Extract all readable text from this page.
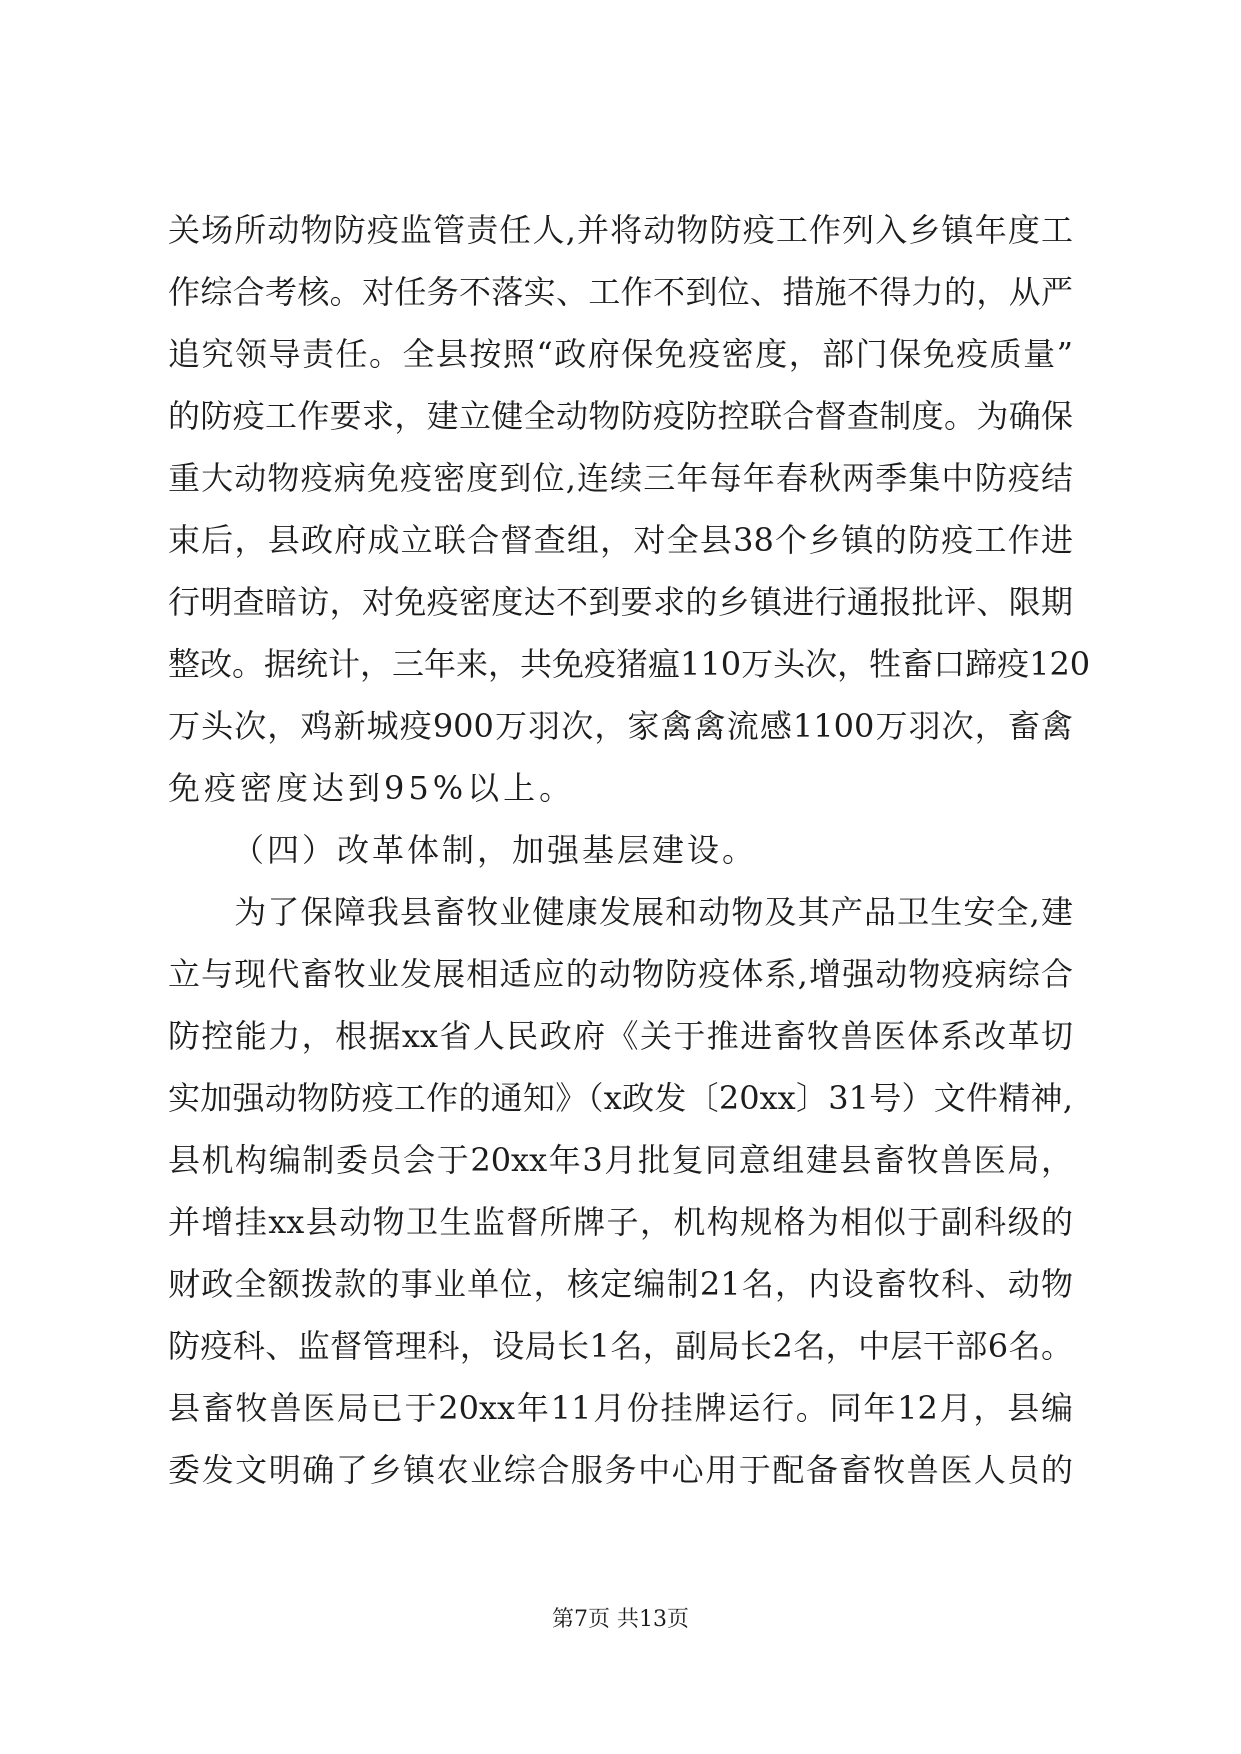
关场所动物防疫监管责任人,并将动物防疫工作列入乡镇年度工
作综合考核。对任务不落实、工作不到位、措施不得力的，从严
追究领导责任。全县按照“政府保免疫密度，部门保免疫质量”
的防疫工作要求，建立健全动物防疫防控联合督查制度。为确保
重大动物疫病免疫密度到位,连续三年每年春秋两季集中防疫结
束后，县政府成立联合督查组，对全县38个乡镇的防疫工作进
行明查暗访，对免疫密度达不到要求的乡镇进行通报批评、限期
整改。据统计，三年来，共免疫猪瘟110万头次，牲畜口蹄疫120
万头次，鸡新城疫900万羽次，家禽禽流感1100万羽次，畜禽
免疫密度达到95%以上。
（四）改革体制，加强基层建设。
　　为了保障我县畜牧业健康发展和动物及其产品卫生安全,建
立与现代畜牧业发展相适应的动物防疫体系,增强动物疫病综合
防控能力，根据xx省人民政府《关于推进畜牧兽医体系改革切
实加强动物防疫工作的通知》（x政发〔20xx〕31号）文件精神,
县机构编制委员会于20xx年3月批复同意组建县畜牧兽医局，
并增挂xx县动物卫生监督所牌子，机构规格为相似于副科级的
财政全额拨款的事业单位，核定编制21名，内设畜牧科、动物
防疫科、监督管理科，设局长1名，副局长2名，中层干部6名。
县畜牧兽医局已于20xx年11月份挂牌运行。同年12月，县编
委发文明确了乡镇农业综合服务中心用于配备畜牧兽医人员的
第7页 共13页
